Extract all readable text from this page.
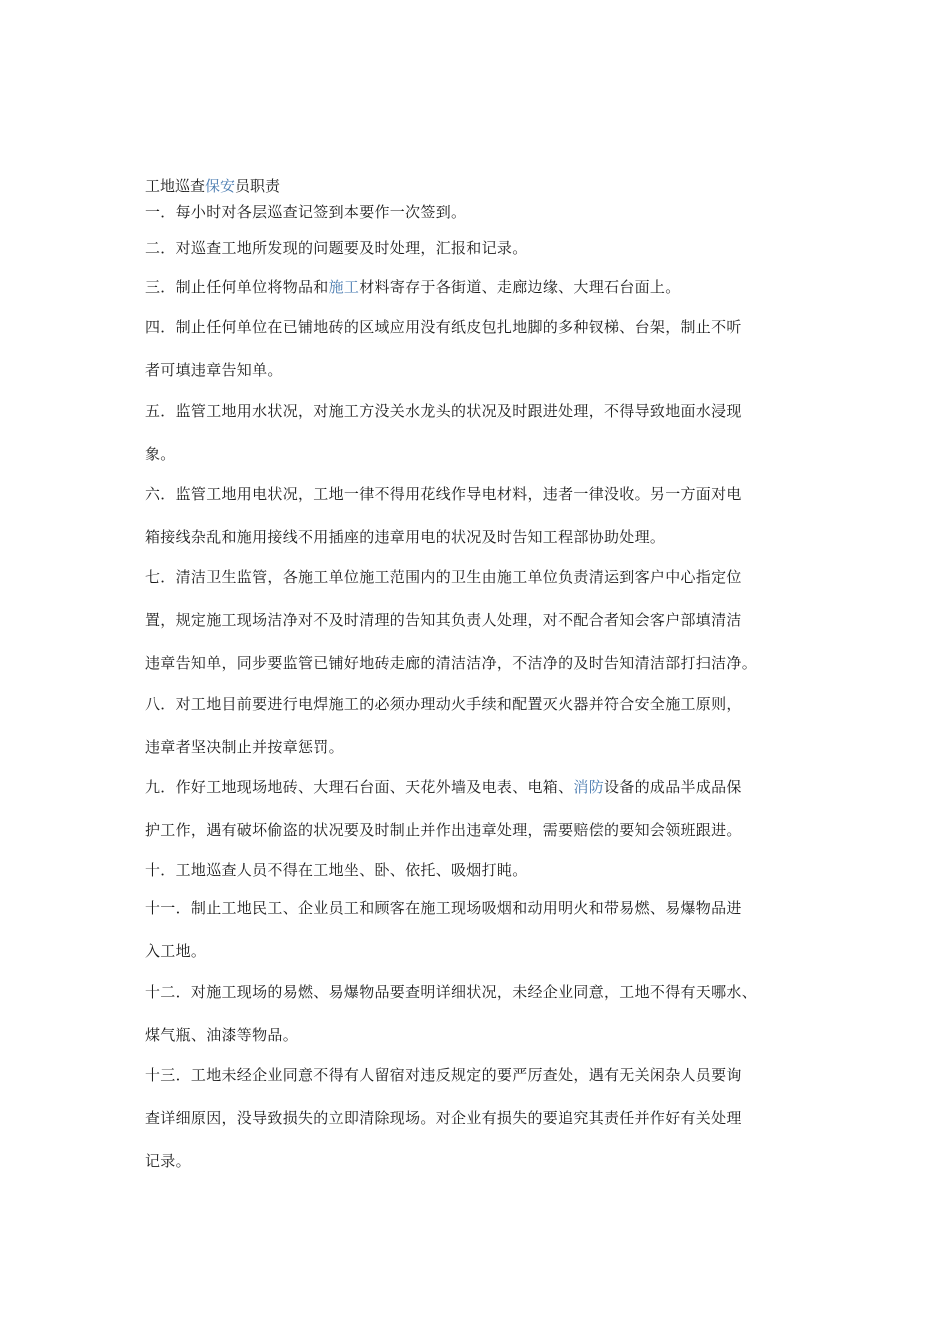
工地巡查保安员职责
一．每小时对各层巡查记签到本要作一次签到。
二．对巡查工地所发现的问题要及时处理，汇报和记录。
三．制止任何单位将物品和施工材料寄存于各街道、走廊边缘、大理石台面上。
四．制止任何单位在已铺地砖的区域应用没有纸皮包扎地脚的多种钗梯、台架，制止不听
者可填违章告知单。
五．监管工地用水状况，对施工方没关水龙头的状况及时跟进处理，不得导致地面水浸现
象。
六．监管工地用电状况，工地一律不得用花线作导电材料，违者一律没收。另一方面对电
箱接线杂乱和施用接线不用插座的违章用电的状况及时告知工程部协助处理。
七．清洁卫生监管，各施工单位施工范围内的卫生由施工单位负责清运到客户中心指定位
置，规定施工现场洁净对不及时清理的告知其负责人处理，对不配合者知会客户部填清洁
违章告知单，同步要监管已铺好地砖走廊的清洁洁净，不洁净的及时告知清洁部打扫洁净。
八．对工地目前要进行电焊施工的必须办理动火手续和配置灭火器并符合安全施工原则，
违章者坚决制止并按章惩罚。
九．作好工地现场地砖、大理石台面、天花外墙及电表、电箱、消防设备的成品半成品保
护工作，遇有破坏偷盗的状况要及时制止并作出违章处理，需要赔偿的要知会领班跟进。
十．工地巡查人员不得在工地坐、卧、依托、吸烟打盹。
十一．制止工地民工、企业员工和顾客在施工现场吸烟和动用明火和带易燃、易爆物品进
入工地。
十二．对施工现场的易燃、易爆物品要查明详细状况，未经企业同意，工地不得有天哪水、
煤气瓶、油漆等物品。
十三．工地未经企业同意不得有人留宿对违反规定的要严厉查处，遇有无关闲杂人员要询
查详细原因，没导致损失的立即清除现场。对企业有损失的要追究其责任并作好有关处理
记录。
